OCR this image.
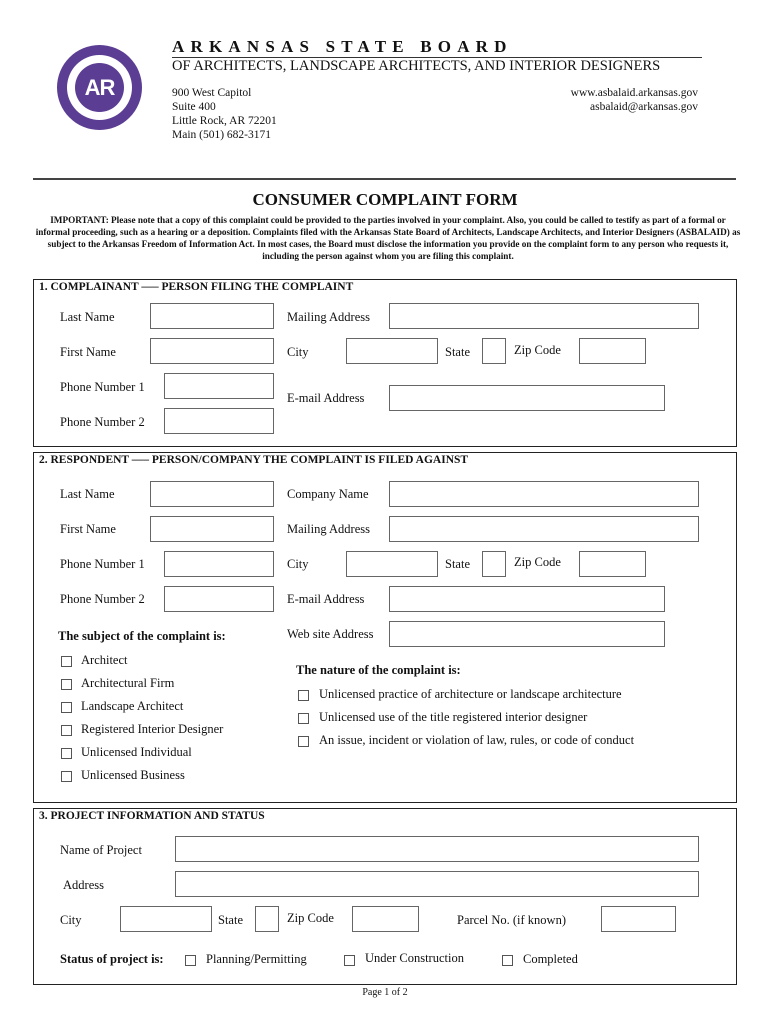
AR
ARKANSAS STATE BOARD
OF ARCHITECTS, LANDSCAPE ARCHITECTS, AND INTERIOR DESIGNERS
900 West Capitol
Suite 400
Little Rock, AR 72201
Main (501) 682-3171
www.asbalaid.arkansas.gov
asbalaid@arkansas.gov
CONSUMER COMPLAINT FORM
IMPORTANT: Please note that a copy of this complaint could be provided to the parties involved in your complaint. Also, you could be called to testify as part of a formal or informal proceeding, such as a hearing or a deposition. Complaints filed with the Arkansas State Board of Architects, Landscape Architects, and Interior Designers (ASBALAID) as subject to the Arkansas Freedom of Information Act. In most cases, the Board must disclose the information you provide on the complaint form to any person who requests it, including the person against whom you are filing this complaint.
1. COMPLAINANT —– PERSON FILING THE COMPLAINT
Last Name
First Name
Phone Number 1
Phone Number 2
Mailing Address
City	State	Zip Code
E-mail Address
2. RESPONDENT —– PERSON/COMPANY THE COMPLAINT IS FILED AGAINST
Last Name
First Name
Phone Number 1
Phone Number 2
Company Name
Mailing Address
City	State	Zip Code
E-mail Address
Web site Address
The subject of the complaint is:
Architect
Architectural Firm
Landscape Architect
Registered Interior Designer
Unlicensed Individual
Unlicensed Business
The nature of the complaint is:
Unlicensed practice of architecture or landscape architecture
Unlicensed use of the title registered interior designer
An issue, incident or violation of law, rules, or code of conduct
3. PROJECT INFORMATION AND STATUS
Name of Project
Address
City	State	Zip Code	Parcel No. (if known)
Status of project is:	Planning/Permitting	Under Construction	Completed
Page 1 of 2
